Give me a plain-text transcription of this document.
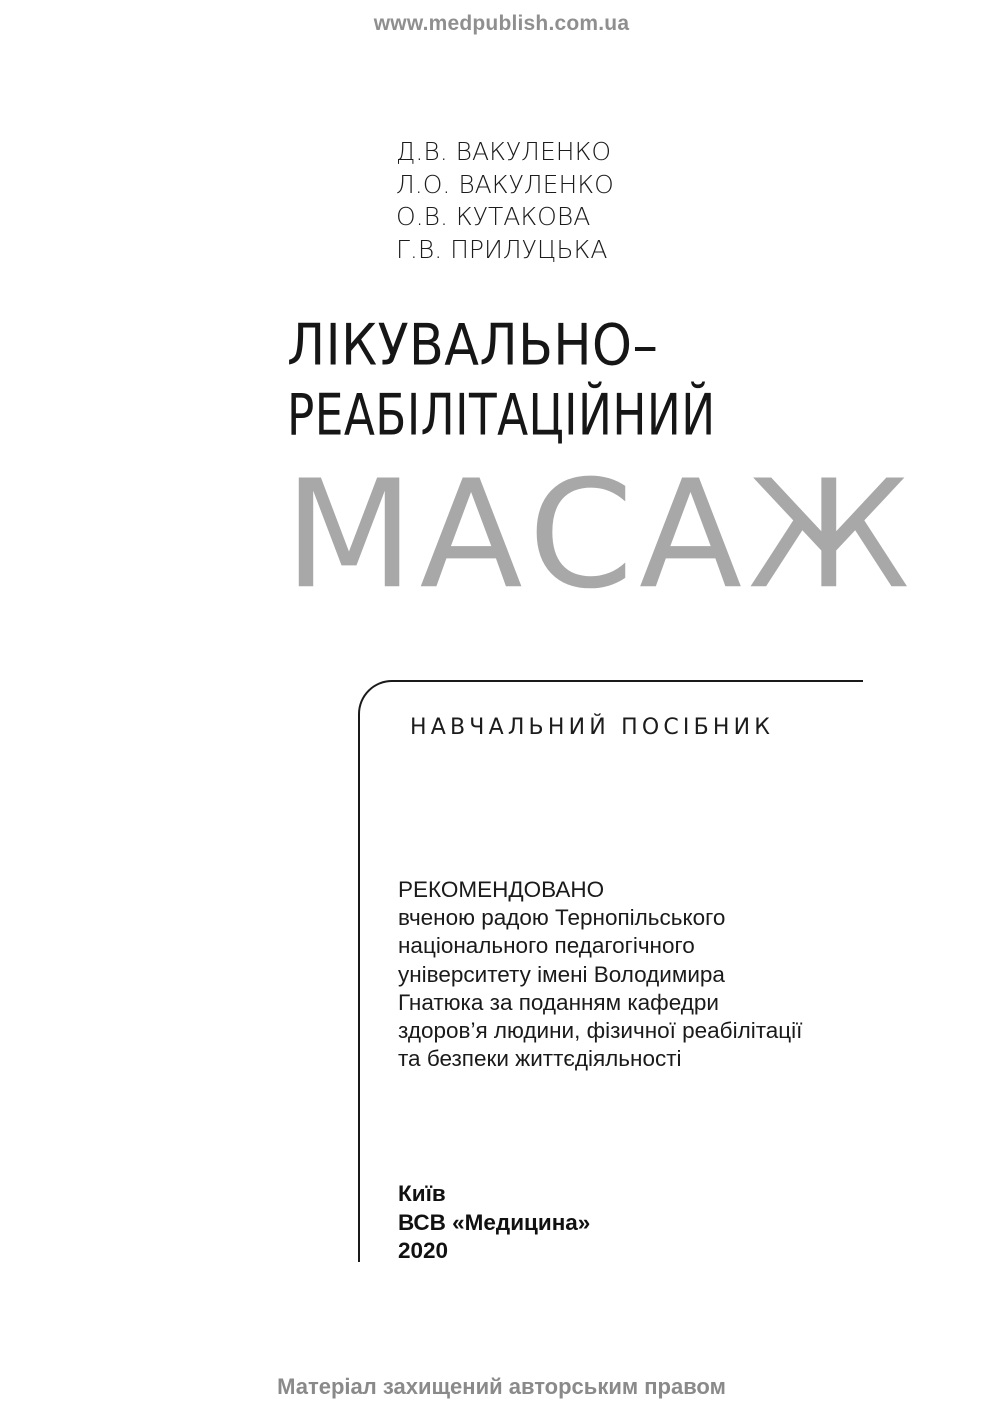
www.medpublish.com.ua
Д.В. ВАКУЛЕНКО
Л.О. ВАКУЛЕНКО
О.В. КУТАКОВА
Г.В. ПРИЛУЦЬКА
ЛІКУВАЛЬНО–
РЕАБІЛІТАЦІЙНИЙ
МАСАЖ
НАВЧАЛЬНИЙ ПОСІБНИК
РЕКОМЕНДОВАНО
вченою радою Тернопільського
національного педагогічного
університету імені Володимира
Гнатюка за поданням кафедри
здоров’я людини, фізичної реабілітації
та безпеки життєдіяльності
Київ
ВСВ «Медицина»
2020
Матеріал захищений авторським правом
